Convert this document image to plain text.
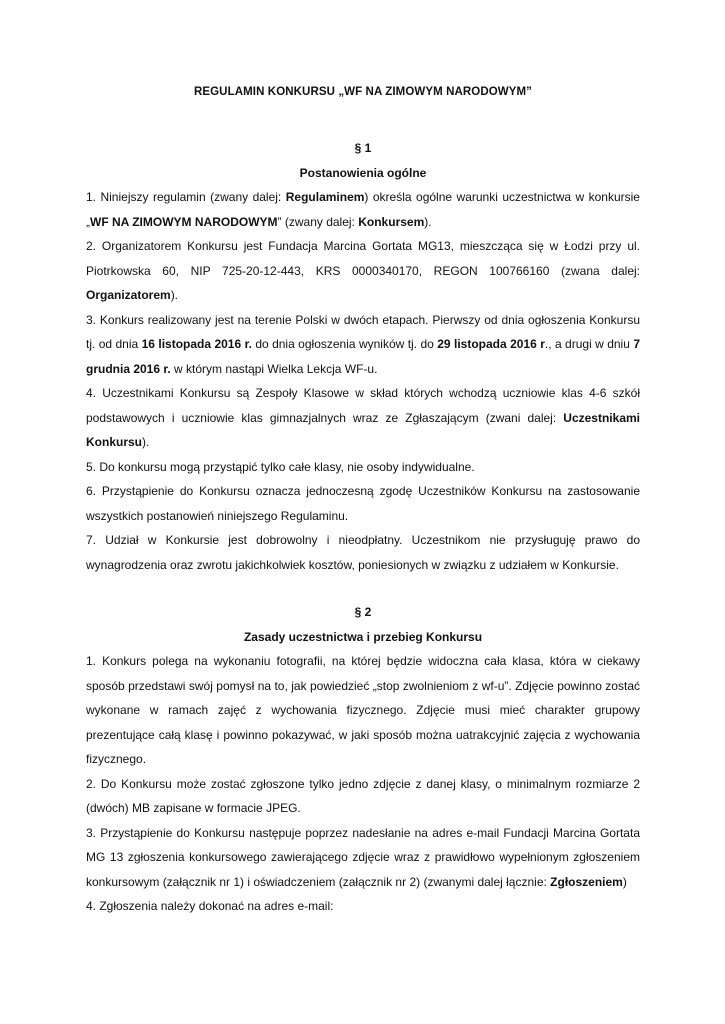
REGULAMIN KONKURSU „WF NA ZIMOWYM NARODOWYM”

§ 1

Postanowienia ogólne

1. Niniejszy regulamin (zwany dalej: Regulaminem) określa ogólne warunki uczestnictwa w konkursie „WF NA ZIMOWYM NARODOWYM” (zwany dalej: Konkursem).

2. Organizatorem Konkursu jest Fundacja Marcina Gortata MG13, mieszcząca się w Łodzi przy ul. Piotrkowska 60, NIP 725-20-12-443, KRS 0000340170, REGON 100766160 (zwana dalej: Organizatorem).

3. Konkurs realizowany jest na terenie Polski w dwóch etapach. Pierwszy od dnia ogłoszenia Konkursu tj. od dnia 16 listopada 2016 r. do dnia ogłoszenia wyników tj. do 29 listopada 2016 r., a drugi w dniu 7 grudnia 2016 r. w którym nastąpi Wielka Lekcja WF-u.

4. Uczestnikami Konkursu są Zespoły Klasowe w skład których wchodzą uczniowie klas 4-6 szkół podstawowych i uczniowie klas gimnazjalnych wraz ze Zgłaszającym (zwani dalej: Uczestnikami Konkursu).

5. Do konkursu mogą przystąpić tylko całe klasy, nie osoby indywidualne.

6. Przystąpienie do Konkursu oznacza jednoczesną zgodę Uczestników Konkursu na zastosowanie wszystkich postanowień niniejszego Regulaminu.

7. Udział w Konkursie jest dobrowolny i nieodpłatny. Uczestnikom nie przysługuję prawo do wynagrodzenia oraz zwrotu jakichkolwiek kosztów, poniesionych w związku z udziałem w Konkursie.

§ 2

Zasady uczestnictwa i przebieg Konkursu

1. Konkurs polega na wykonaniu fotografii, na której będzie widoczna cała klasa, która w ciekawy sposób przedstawi swój pomysł na to, jak powiedzieć „stop zwolnieniom z wf-u”. Zdjęcie powinno zostać wykonane w ramach zajęć z wychowania fizycznego. Zdjęcie musi mieć charakter grupowy prezentujące całą klasę i powinno pokazywać, w jaki sposób można uatrakcyjnić zajęcia z wychowania fizycznego.

2. Do Konkursu może zostać zgłoszone tylko jedno zdjęcie z danej klasy, o minimalnym rozmiarze 2 (dwóch) MB zapisane w formacie JPEG.

3. Przystąpienie do Konkursu następuje poprzez nadesłanie na adres e-mail Fundacji Marcina Gortata MG 13 zgłoszenia konkursowego zawierającego zdjęcie wraz z prawidłowo wypełnionym zgłoszeniem konkursowym (załącznik nr 1) i oświadczeniem (załącznik nr 2) (zwanymi dalej łącznie: Zgłoszeniem)

4. Zgłoszenia należy dokonać na adres e-mail:
